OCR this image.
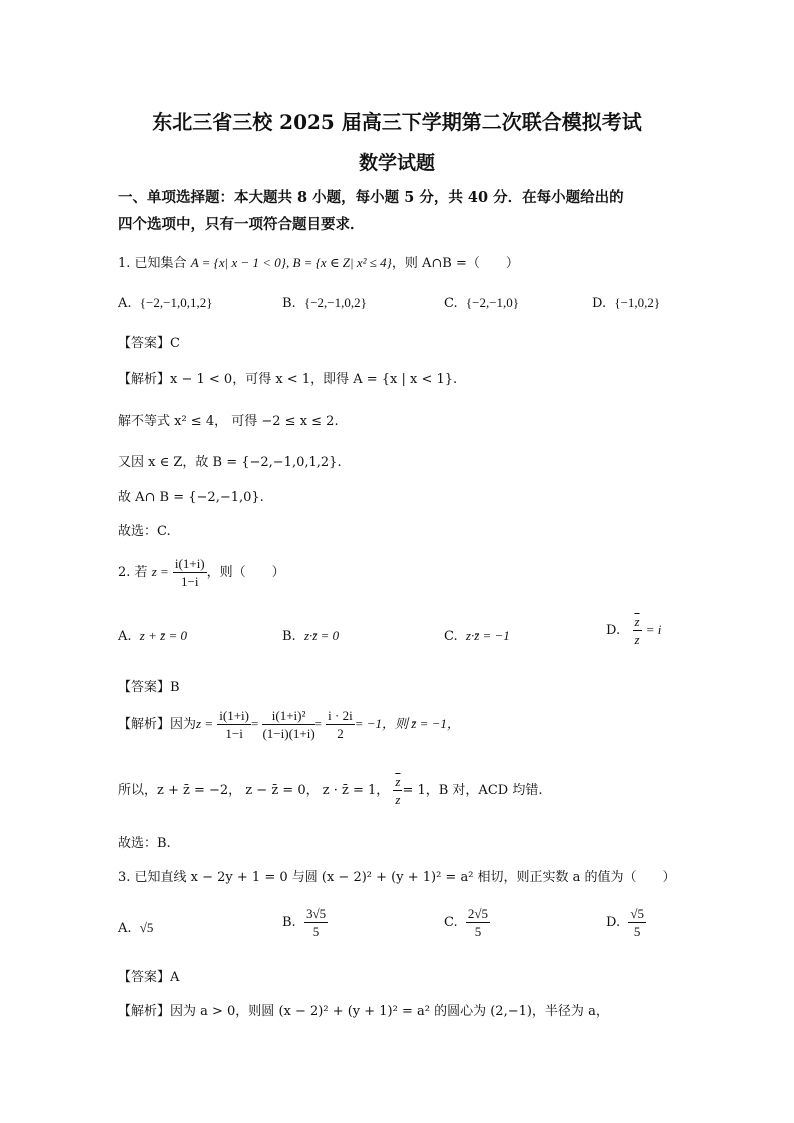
东北三省三校 2025 届高三下学期第二次联合模拟考试
数学试题
一、单项选择题：本大题共 8 小题，每小题 5 分，共 40 分．在每小题给出的
四个选项中，只有一项符合题目要求．
1. 已知集合 A = {x| x − 1 < 0}, B = {x ∈ Z| x² ≤ 4}，则 A∩B =（　　）
A. {−2,−1,0,1,2}	B. {−2,−1,0,2}	C. {−2,−1,0}	D. {−1,0,2}
【答案】C
【解析】x − 1 < 0，可得 x < 1，即得 A = {x | x < 1}.
解不等式 x² ≤ 4， 可得 −2 ≤ x ≤ 2.
又因 x ∈ Z，故 B = {−2,−1,0,1,2}.
故 A∩ B = {−2,−1,0}.
故选：C.
2. 若 $z = \frac{i(1+i)}{1-i}$ ，则（　　）
A. z + z̄ = 0	B. z·z̄ = 0	C. z·z̄ = −1	D. $\frac{\overline{z}}{z} = i$
【答案】B
【解析】因为$z = \frac{i(1+i)}{1-i} = \frac{\text{i(1+i)²}}{(1-i)(1+i)} = \frac{i \cdot 2i}{2} = -1$，则 z̄ = −1，
所以，z + z̄ = −2， z − z̄ = 0， z · z̄ = 1， $\frac{\overline{z}}{z} = 1$，B 对，ACD 均错.
故选：B.
3. 已知直线 x − 2y + 1 = 0 与圆 (x − 2)² + (y + 1)² = a² 相切，则正实数 a 的值为（　　）
A. √5	B. $\frac{3√5}{5}$	C. $\frac{2√5}{5}$	D. $\frac{√5}{5}$
【答案】A
【解析】因为 a > 0，则圆 (x − 2)² + (y + 1)² = a² 的圆心为 (2,−1)，半径为 a，
